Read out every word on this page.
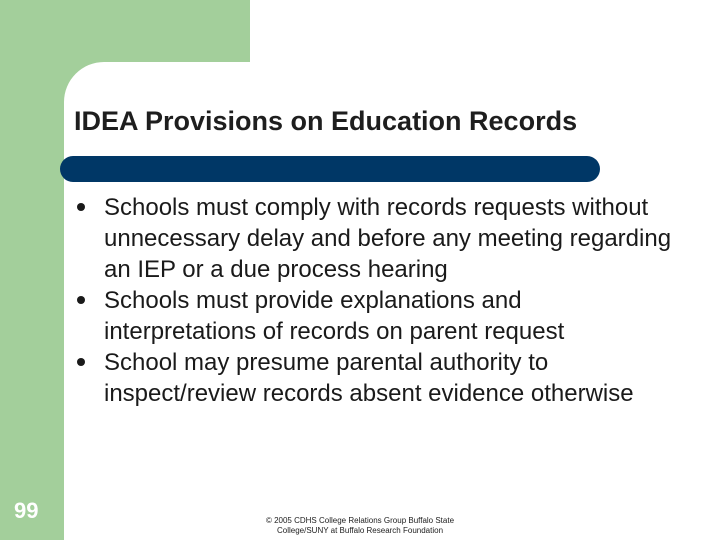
IDEA Provisions on Education Records
Schools must comply with records requests without unnecessary delay and before any meeting regarding an IEP or a due process hearing
Schools must provide explanations and interpretations of records on parent request
School may presume parental authority to inspect/review records absent evidence otherwise
99	© 2005 CDHS College Relations Group Buffalo State
College/SUNY at Buffalo Research Foundation
